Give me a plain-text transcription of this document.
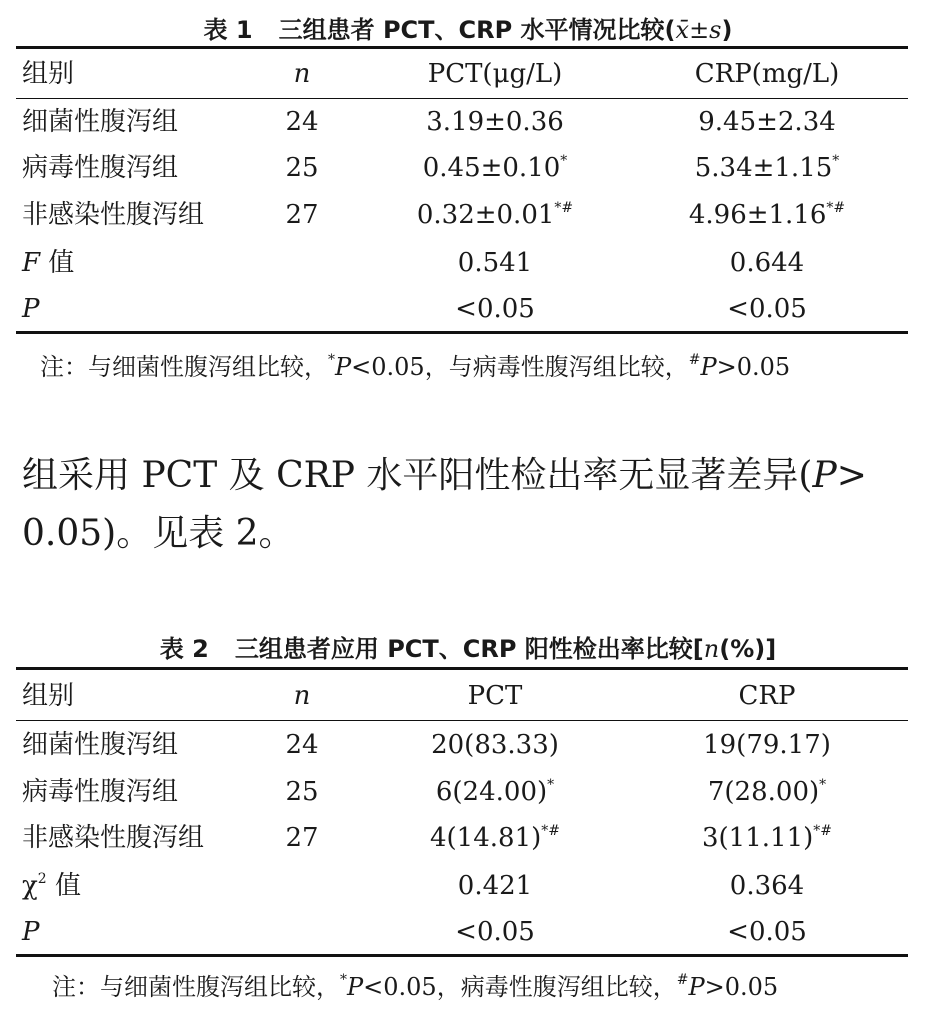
表 1 三组患者 PCT、CRP 水平情况比较(x̄±s)
组别	n	PCT(μg/L)	CRP(mg/L)
细菌性腹泻组	24	3.19±0.36	9.45±2.34
病毒性腹泻组	25	0.45±0.10*	5.34±1.15*
非感染性腹泻组	27	0.32±0.01*#	4.96±1.16*#
F 值	0.541	0.644
P	<0.05	<0.05
注：与细菌性腹泻组比较，*P<0.05，与病毒性腹泻组比较，#P>0.05
组采用 PCT 及 CRP 水平阳性检出率无显著差异(P>
0.05)。见表 2。
表 2 三组患者应用 PCT、CRP 阳性检出率比较[n(%)]
组别	n	PCT	CRP
细菌性腹泻组	24	20(83.33)	19(79.17)
病毒性腹泻组	25	6(24.00)*	7(28.00)*
非感染性腹泻组	27	4(14.81)*#	3(11.11)*#
$\chi^2$ 值	0.421	0.364
P	<0.05	<0.05
注：与细菌性腹泻组比较，*P<0.05，病毒性腹泻组比较，#P>0.05
